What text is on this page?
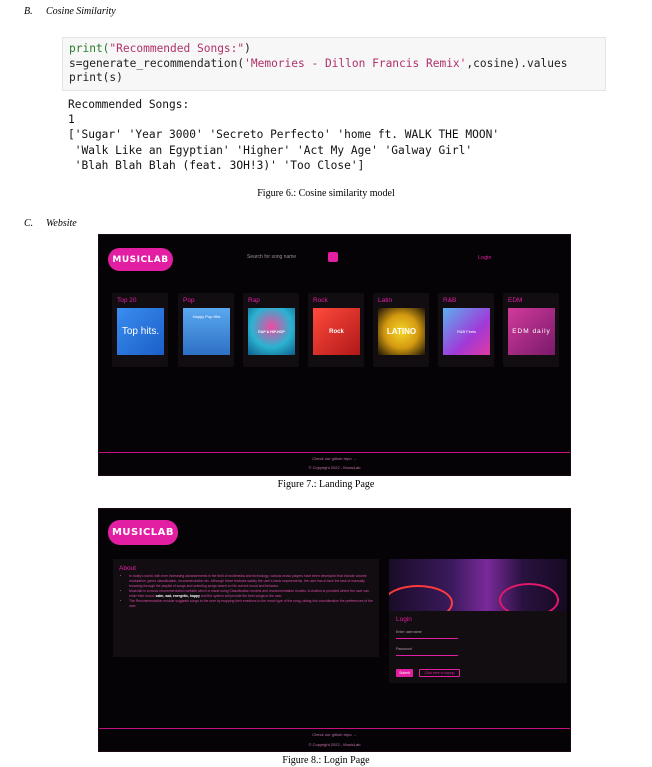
B. Cosine Similarity
print("Recommended Songs:")
s=generate_recommendation('Memories - Dillon Francis Remix',cosine).values
print(s)
Recommended Songs:
1
['Sugar' 'Year 3000' 'Secreto Perfecto' 'home ft. WALK THE MOON'
'Walk Like an Egyptian' 'Higher' 'Act My Age' 'Galway Girl'
'Blah Blah Blah (feat. 3OH!3)' 'Too Close']
Figure 6.: Cosine similarity model
C. Website
MUSICLAB	Search for song name	Login
Top 20
Top hits.
Pop
Happy Pop Hits
Rap
RAP & HIP-HOP
Rock
Rock
Latin
LATINO
R&B
R&B Feels
EDM
EDM daily
Check our github repo →
© Copyright 2022 - MusicLab
Figure 7.: Landing Page
MUSICLAB
About
• In today's world, with ever increasing advancements in the field of multimedia and technology, various music players have been developed that include volume modulation, genre classification, recommendation etc. Although these features satisfy the user's basic requirements, the user has to face the task of manually browsing through the playlist of songs and selecting songs based on his current mood and behavior.
• Musiclab is a music recommendation website which is made using Classification models and recommendation models. A chatbot is provided where the user can enter their mood: calm, sad, energetic, happy and the system will provide the best songs to the user.
• The Recommendation module suggests songs to the user by mapping their emotions to the mood type of the song, taking into consideration the preferences of the user.
Login
Enter username
Password
Submit	Click here to signup
Check our github repo →
© Copyright 2022 - MusicLab
Figure 8.: Login Page
